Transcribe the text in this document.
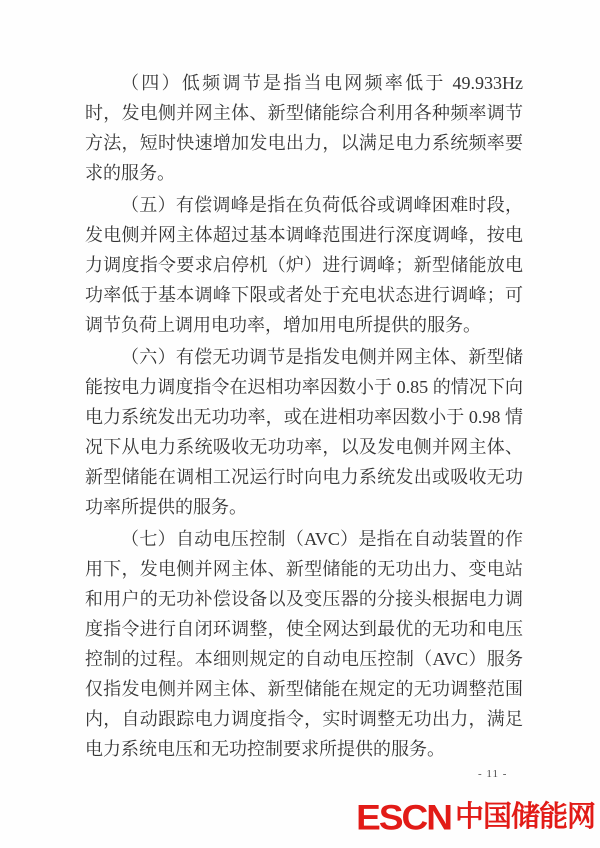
（四）低频调节是指当电网频率低于 49.933Hz 时，发电侧并网主体、新型储能综合利用各种频率调节方法，短时快速增加发电出力，以满足电力系统频率要求的服务。

（五）有偿调峰是指在负荷低谷或调峰困难时段，发电侧并网主体超过基本调峰范围进行深度调峰，按电力调度指令要求启停机（炉）进行调峰；新型储能放电功率低于基本调峰下限或者处于充电状态进行调峰；可调节负荷上调用电功率，增加用电所提供的服务。

（六）有偿无功调节是指发电侧并网主体、新型储能按电力调度指令在迟相功率因数小于 0.85 的情况下向电力系统发出无功功率，或在进相功率因数小于 0.98 情况下从电力系统吸收无功功率，以及发电侧并网主体、新型储能在调相工况运行时向电力系统发出或吸收无功功率所提供的服务。

（七）自动电压控制（AVC）是指在自动装置的作用下，发电侧并网主体、新型储能的无功出力、变电站和用户的无功补偿设备以及变压器的分接头根据电力调度指令进行自闭环调整，使全网达到最优的无功和电压控制的过程。本细则规定的自动电压控制（AVC）服务仅指发电侧并网主体、新型储能在规定的无功调整范围内，自动跟踪电力调度指令，实时调整无功出力，满足电力系统电压和无功控制要求所提供的服务。

- 11 -
ESCN 中国储能网
